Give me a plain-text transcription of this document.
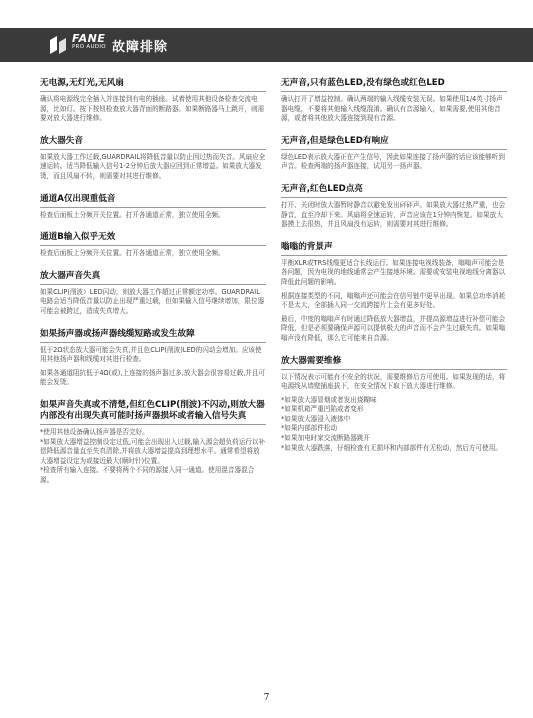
FANE
PRO AUDIO 故障排除
无电源,无灯光,无风扇

确认将电源线完全插入并连接到有电的插座。试着使用其他设备检查交流电源，比如灯。按下按钮检查放大器背面的断路器。如果断路器马上跳开，则需要对放大器进行维修。

放大器失音

如果放大器工作过载,GUARDRAIL将降低音量以防止因过热而失音。风扇应全速运转。适当降低输入信号1-2分钟后放大器应回到正常增益。如果放大器发烫，而且风扇不转，则需要对其进行维修。

通道A仅出现重低音

检查后面板上分频开关位置。打开各通道正常，独立使用全频。

通道B输入似乎无效

检查后面板上分频开关位置。打开各通道正常，独立使用全频。

放大器声音失真

如果CLIP(削波）LED闪动，则放大器工作超过正常额定功率。GUARDRAIL电路会适当降低音量以防止出现严重过载，但如果输入信号继续增加，限位器可能会被跨过，造成失真增大。

如果扬声器或扬声器线缆短路或发生故障

低于2Ω状态放大器可能会失真,并且色CLIP(削波)LED的闪动会增加。应该使用其他扬声器和线缆对其进行检查。

如果各通道阻抗低于4Ω(或),上连接的扬声器过多,放大器会很容易过载,并且可能会发烫。

如果声音失真或不清楚,但红色CLIP(削波)不闪动,则放大器内部没有出现失真可能时扬声器损坏或者输入信号失真

*使用其他设备确认扬声器是否完好。
*如果放大器增益控制设定过低,可能会出现出入过载,输入源会超负荷运行以补偿降低源音量直至失真清除,并将放大器增益提高到理想水平。通常希望将放大器增益设定为或接近最大(顺时针)位置。
*检查所有输入连接。不要将两个不同的源接入同一通道。使用混音器混合源。

无声音,只有蓝色LED,没有绿色或红色LED

确认打开了增益控制。确认两端的输入线缆安装无误。如果使用1/4英寸扬声器电缆，不要将其他输入线缆混淆。确认有音源输入，如果需要,使用其他音源，或者将其他放大器连接到现有音源。

无声音,但是绿色LED有响应

绿色LED表示放大器正在产生信号，因此如果连接了扬声器的话应该能够听到声音。检查两端的扬声器连接，试用另一扬声器。

无声音,红色LED点亮

打开、关闭时放大器暂时静音以避免发出砰砰声。如果放大器过热严重，也会静音，直至冷却下来。风扇将全速运转，声音应该在1分钟内恢复。如果放大器摸上去很热，并且风扇没有运转，则需要对其进行维修。

嗡嗡的背景声

平衡XLR或TRS线缆更适合长线运行。如果连接电视线装备，嗡嗡声可能会是各问题，因为电视的地线通常会产生接地环境。需要或安装电视地线分离器以降低此问题的影响。

根据连接类型的不同，嗡嗡声还可能会在信号链中更早出现。如果总功率消耗不是太大，全部插入同一交流跨接片上会有更多好处。

最后，中度的嗡嗡声有时通过降低放大器增益，并提高源增益进行补偿可能会降低，但是必须要确保声源可以提供极大的声音而不会产生过载失真。如果嗡嗡声没有降低，那么它可能来自音源。

放大器需要维修

以下情况表示可能有不安全的状况，需要维修后方可使用。如果发现的话，将电源线从墙壁插座拔下，在安全情况下取下放大器进行维修。

*如果放大器冒烟或者发出烧糊味
*如果机箱严重凹陷或者变形
*如果放大器浸入液体中
*如果内部部件松动
*如果加电时家交流断路器跳开
*如果放大器跌落，仔细检查有无损坏和内部部件有无松动，然后方可使用。

7
